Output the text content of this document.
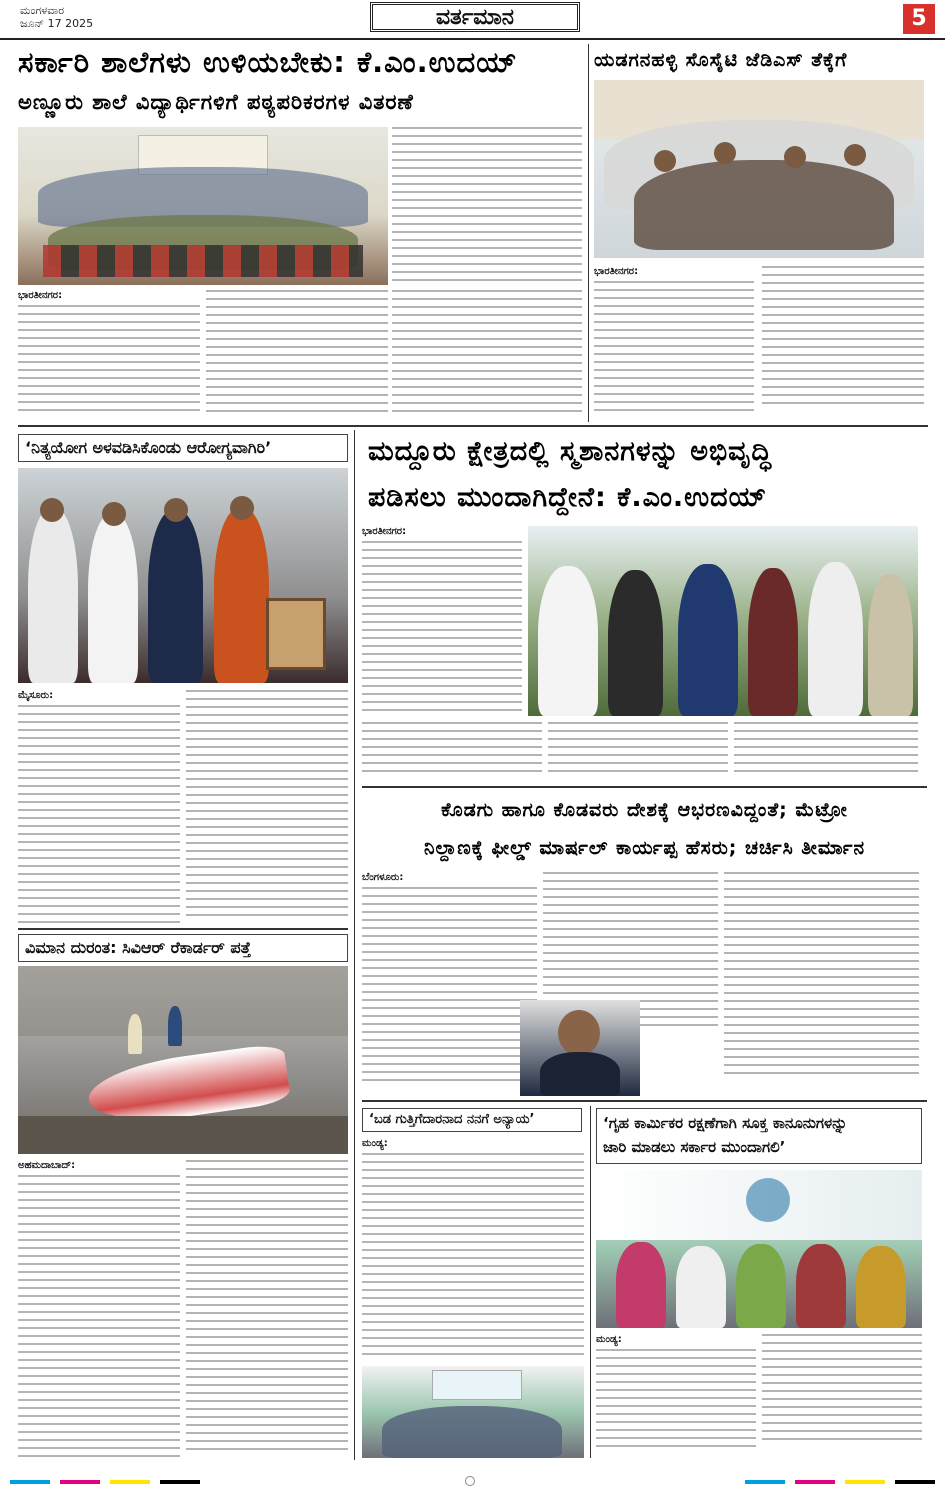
ಮಂಗಳವಾರ
ಜೂನ್ 17 2025	ವರ್ತಮಾನ	5
ಸರ್ಕಾರಿ ಶಾಲೆಗಳು ಉಳಿಯಬೇಕು: ಕೆ.ಎಂ.ಉದಯ್
ಅಣ್ಣೂರು ಶಾಲೆ ವಿದ್ಯಾರ್ಥಿಗಳಿಗೆ ಪಠ್ಯಪರಿಕರಗಳ ವಿತರಣೆ
ಭಾರತೀನಗರ:
ಯಡಗನಹಳ್ಳಿ ಸೊಸೈಟಿ ಜೆಡಿಎಸ್ ತೆಕ್ಕೆಗೆ
ಭಾರತೀನಗರ:
‘ನಿತ್ಯಯೋಗ ಅಳವಡಿಸಿಕೊಂಡು ಆರೋಗ್ಯವಾಗಿರಿ’
ಮೈಸೂರು:
ಮದ್ದೂರು ಕ್ಷೇತ್ರದಲ್ಲಿ ಸ್ಮಶಾನಗಳನ್ನು ಅಭಿವೃದ್ಧಿ
ಪಡಿಸಲು ಮುಂದಾಗಿದ್ದೇನೆ: ಕೆ.ಎಂ.ಉದಯ್
ಭಾರತೀನಗರ:
ಕೊಡಗು ಹಾಗೂ ಕೊಡವರು ದೇಶಕ್ಕೆ ಆಭರಣವಿದ್ದಂತೆ; ಮೆಟ್ರೋ
ನಿಲ್ದಾಣಕ್ಕೆ ಫೀಲ್ಡ್ ಮಾರ್ಷಲ್ ಕಾರ್ಯಪ್ಪ ಹೆಸರು; ಚರ್ಚಿಸಿ ತೀರ್ಮಾನ
ಬೆಂಗಳೂರು:
ವಿಮಾನ ದುರಂತ: ಸಿವಿಆರ್ ರೆಕಾರ್ಡರ್ ಪತ್ತೆ
ಅಹಮದಾಬಾದ್:
‘ಬಡ ಗುತ್ತಿಗೆದಾರನಾದ ನನಗೆ ಅನ್ಯಾಯ’
ಮಂಡ್ಯ:
‘ಗೃಹ ಕಾರ್ಮಿಕರ ರಕ್ಷಣೆಗಾಗಿ ಸೂಕ್ತ ಕಾನೂನುಗಳನ್ನು
ಜಾರಿ ಮಾಡಲು ಸರ್ಕಾರ ಮುಂದಾಗಲಿ’
ಮಂಡ್ಯ:
